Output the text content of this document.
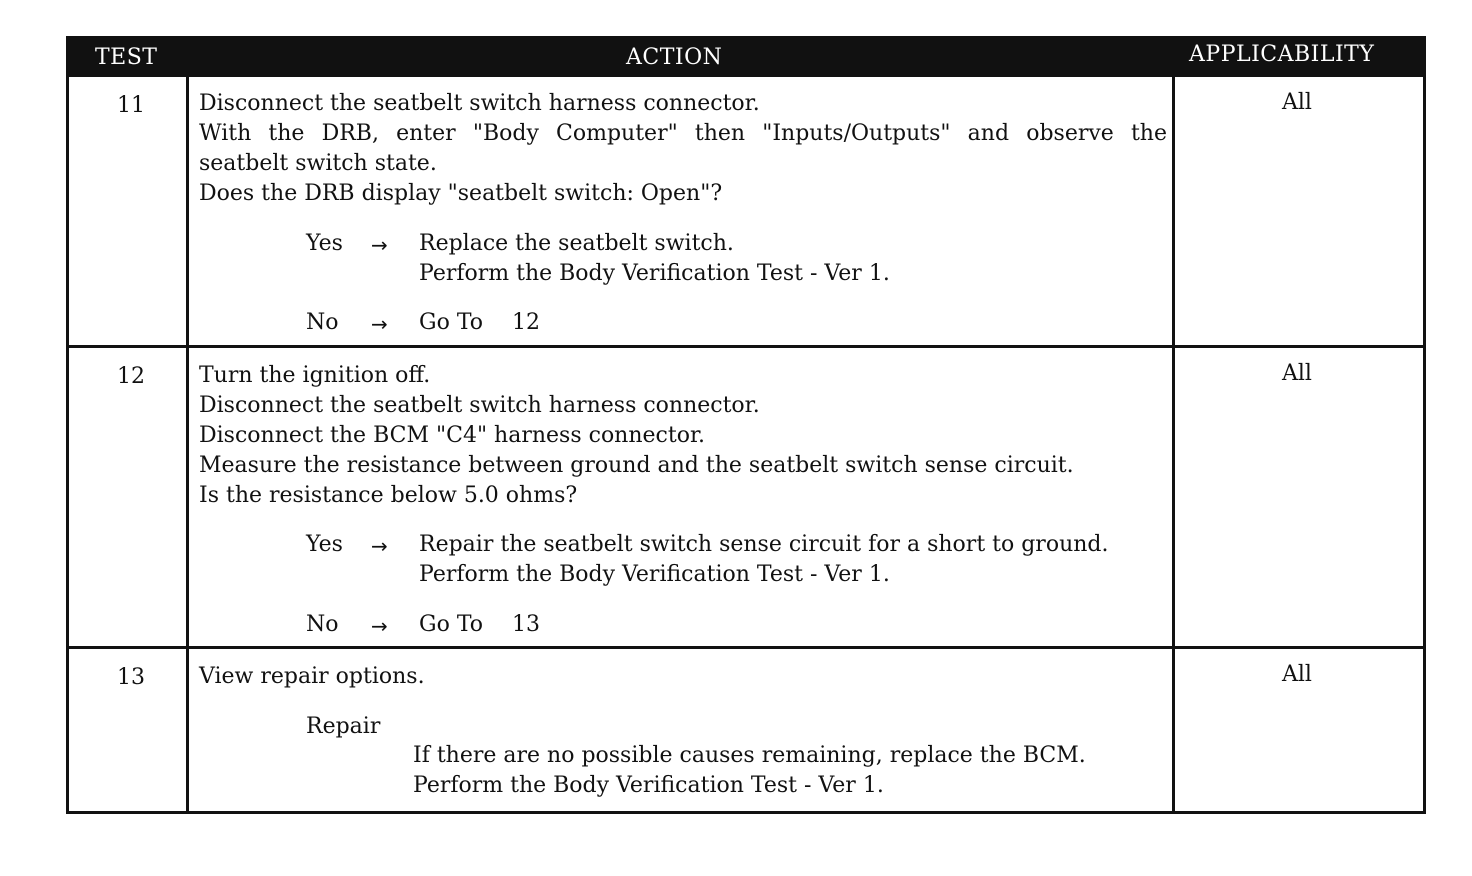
TEST	ACTION	APPLICABILITY
11 Disconnect the seatbelt switch harness connector.

With the DRB, enter "Body Computer" then "Inputs/Outputs" and observe the

seatbelt switch state.

Does the DRB display "seatbelt switch: Open"?

Yes → Replace the seatbelt switch.
Perform the Body Verification Test - Ver 1.
No → Go To 12
All
12 Turn the ignition off.
Disconnect the seatbelt switch harness connector.
Disconnect the BCM "C4" harness connector.
Measure the resistance between ground and the seatbelt switch sense circuit.
Is the resistance below 5.0 ohms?
Yes → Repair the seatbelt switch sense circuit for a short to ground.
Perform the Body Verification Test - Ver 1.
No → Go To 13
All
13 View repair options.
Repair
If there are no possible causes remaining, replace the BCM.
Perform the Body Verification Test - Ver 1.
All
